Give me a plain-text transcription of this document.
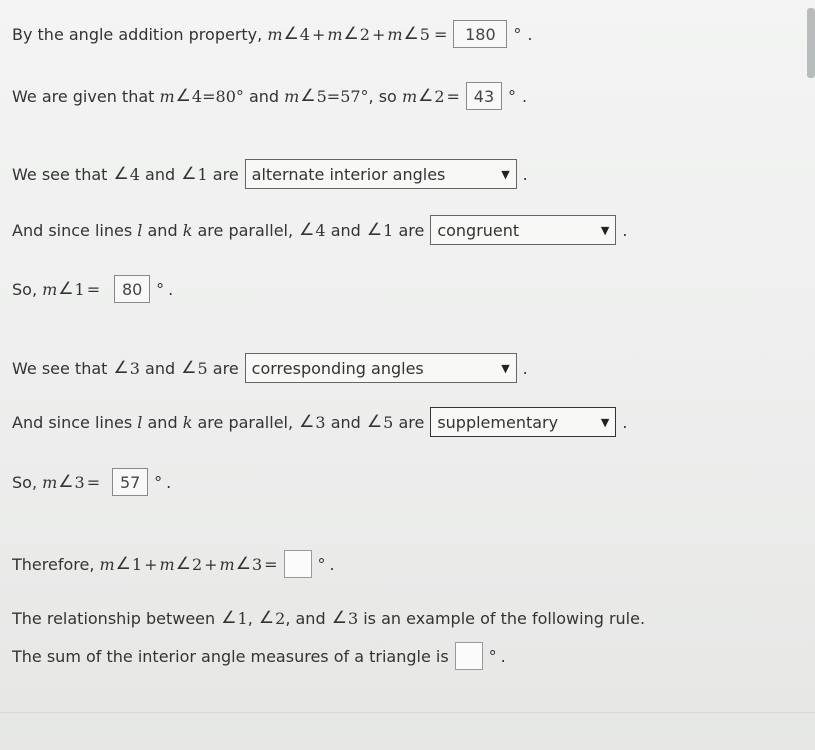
By the angle addition property,
m ∠ 4 + m ∠ 2 + m ∠ 5 =	180	° .
We are given that
m ∠ 4 = 80 °
and
m ∠ 5 = 57 ° , so
m ∠ 2 = 43 ° .
We see that
∠ 4
and
∠ 1
are alternate interior angles	▼ .
And since lines
l
and
k
are parallel,
∠ 4
and
∠ 1
are congruent	▼ .
So,
m ∠ 1 =	80 ° .
We see that
∠ 3
and
∠ 5
are corresponding angles	▼ .
And since lines
l
and
k
are parallel,
∠ 3
and
∠ 5
are supplementary	▼ .
So,
m ∠ 3 =	57 ° .
Therefore,
m ∠ 1 + m ∠ 2 + m ∠ 3 =	° .
The relationship between
∠ 1 ,
∠ 2 , and
∠ 3
is an example of the following rule.
The sum of the interior angle measures of a triangle is	° .
